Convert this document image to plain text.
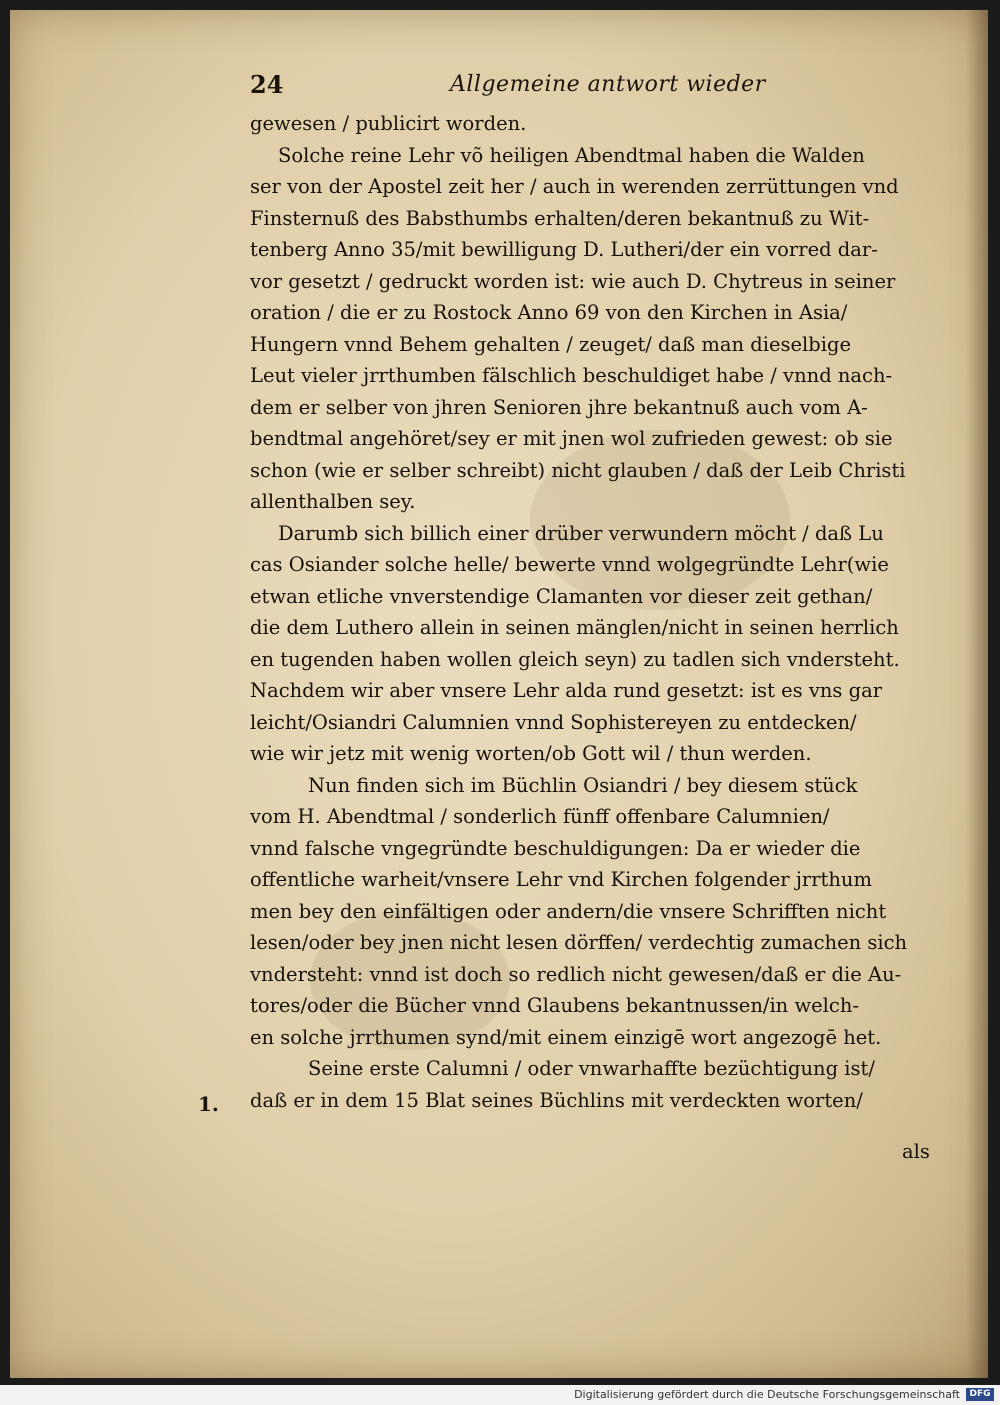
24	Allgemeine antwort wieder
gewesen / publicirt worden.
Solche reine Lehr võ heiligen Abendtmal haben die Walden
ser von der Apostel zeit her / auch in werenden zerrüttungen vnd
Finsternuß des Babsthumbs erhalten/deren bekantnuß zu Wit-
tenberg Anno 35/mit bewilligung D. Lutheri/der ein vorred dar-
vor gesetzt / gedruckt worden ist: wie auch D. Chytreus in seiner
oration / die er zu Rostock Anno 69 von den Kirchen in Asia/
Hungern vnnd Behem gehalten / zeuget/ daß man dieselbige
Leut vieler jrrthumben fälschlich beschuldiget habe / vnnd nach-
dem er selber von jhren Senioren jhre bekantnuß auch vom A-
bendtmal angehöret/sey er mit jnen wol zufrieden gewest: ob sie
schon (wie er selber schreibt) nicht glauben / daß der Leib Christi
allenthalben sey.
Darumb sich billich einer drüber verwundern möcht / daß Lu
cas Osiander solche helle/ bewerte vnnd wolgegründte Lehr(wie
etwan etliche vnverstendige Clamanten vor dieser zeit gethan/
die dem Luthero allein in seinen mänglen/nicht in seinen herrlich
en tugenden haben wollen gleich seyn) zu tadlen sich vndersteht.
Nachdem wir aber vnsere Lehr alda rund gesetzt: ist es vns gar
leicht/Osiandri Calumnien vnnd Sophistereyen zu entdecken/
wie wir jetz mit wenig worten/ob Gott wil / thun werden.
Nun finden sich im Büchlin Osiandri / bey diesem stück
vom H. Abendtmal / sonderlich fünff offenbare Calumnien/
vnnd falsche vngegründte beschuldigungen: Da er wieder die
offentliche warheit/vnsere Lehr vnd Kirchen folgender jrrthum
men bey den einfältigen oder andern/die vnsere Schrifften nicht
lesen/oder bey jnen nicht lesen dörffen/ verdechtig zumachen sich
vndersteht: vnnd ist doch so redlich nicht gewesen/daß er die Au-
tores/oder die Bücher vnnd Glaubens bekantnussen/in welch-
en solche jrrthumen synd/mit einem einzigē wort angezogē het.
Seine erste Calumni / oder vnwarhaffte bezüchtigung ist/
daß er in dem 15 Blat seines Büchlins mit verdeckten worten/
1.
als
Digitalisierung gefördert durch die Deutsche Forschungsgemeinschaft	DFG
